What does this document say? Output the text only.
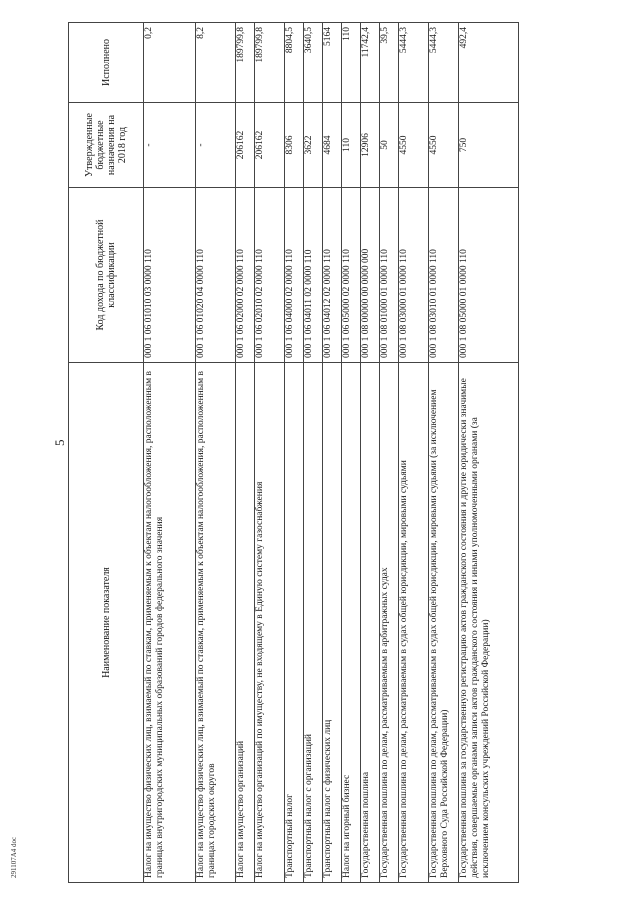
5
291107А4 doc
Наименование показателя	Код дохода по бюджетной классификации	Утвержденные бюджетные назначения на 2018 год	Исполнено
Налог на имущество физических лиц, взимаемый по ставкам, применяемым к объектам налогообложения, расположенным в границах внутригородских муниципальных образований городов федерального значения	000 1 06 01010 03 0000 110	-	0,2
Налог на имущество физических лиц, взимаемый по ставкам, применяемым к объектам налогообложения, расположенным в границах городских округов	000 1 06 01020 04 0000 110	-	8,2
Налог на имущество организаций	000 1 06 02000 02 0000 110	206162	189799,8
Налог на имущество организаций по имуществу, не входящему в Единую систему газоснабжения	000 1 06 02010 02 0000 110	206162	189799,8
Транспортный налог	000 1 06 04000 02 0000 110	8306	8804,5
Транспортный налог с организаций	000 1 06 04011 02 0000 110	3622	3640,5
Транспортный налог с физических лиц	000 1 06 04012 02 0000 110	4684	5164
Налог на игорный бизнес	000 1 06 05000 02 0000 110	110	110
Государственная пошлина	000 1 08 00000 00 0000 000	12906	11742,4
Государственная пошлина по делам, рассматриваемым в арбитражных судах	000 1 08 01000 01 0000 110	50	39,5
Государственная пошлина по делам, рассматриваемым в судах общей юрисдикции, мировыми судьями	000 1 08 03000 01 0000 110	4550	5444,3
Государственная пошлина по делам, рассматриваемым в судах общей юрисдикции, мировыми судьями (за исключением Верховного Суда Российской Федерации)	000 1 08 03010 01 0000 110	4550	5444,3
Государственная пошлина за государственную регистрацию актов гражданского состояния и другие юридически значимые действия, совершаемые органами записи актов гражданского состояния и иными уполномоченными органами (за исключением консульских учреждений Российской Федерации)	000 1 08 05000 01 0000 110	750	492,4
